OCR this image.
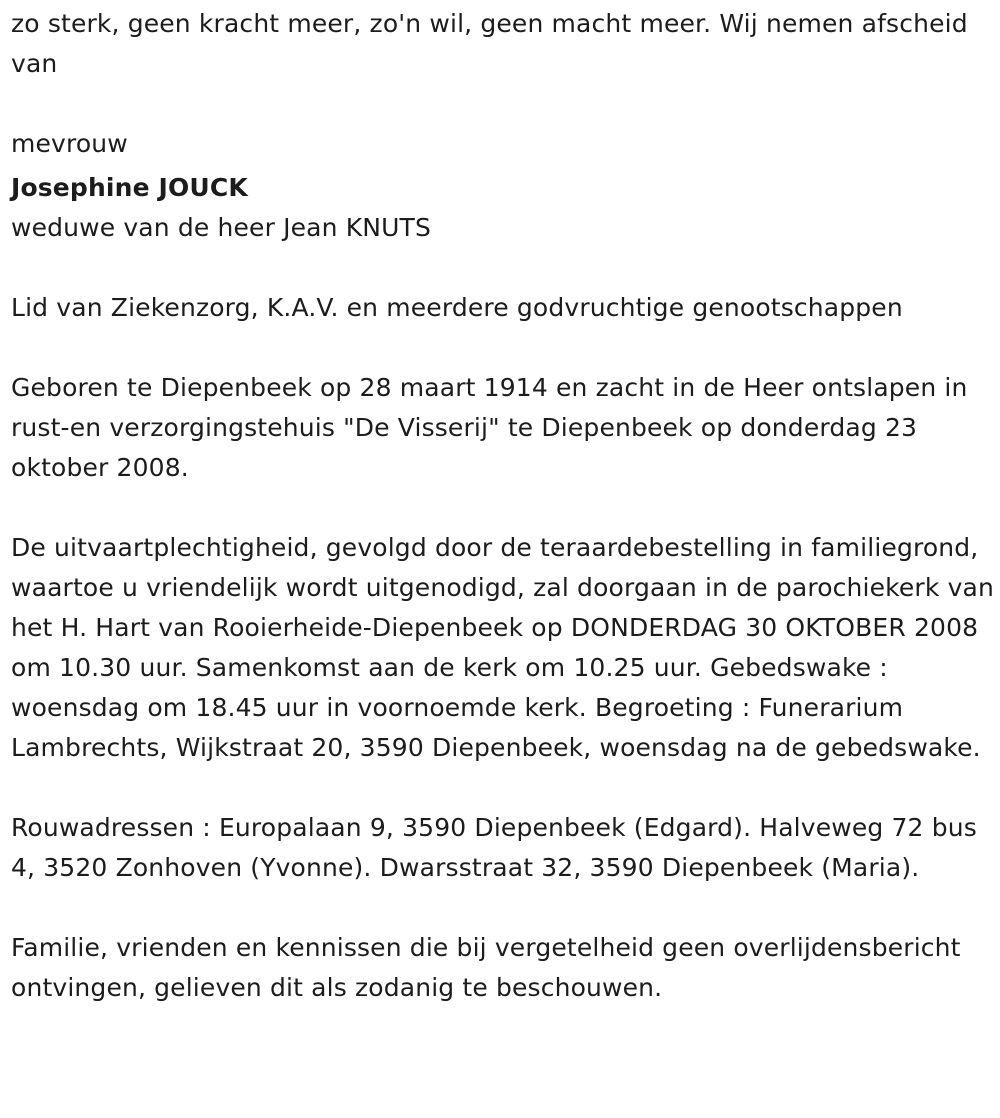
zo sterk, geen kracht meer, zo'n wil, geen macht meer. Wij nemen afscheid van

mevrouw

Josephine JOUCK

weduwe van de heer Jean KNUTS

Lid van Ziekenzorg, K.A.V. en meerdere godvruchtige genootschappen

Geboren te Diepenbeek op 28 maart 1914 en zacht in de Heer ontslapen in rust-en verzorgingstehuis "De Visserij" te Diepenbeek op donderdag 23 oktober 2008.

De uitvaartplechtigheid, gevolgd door de teraardebestelling in familiegrond, waartoe u vriendelijk wordt uitgenodigd, zal doorgaan in de parochiekerk van het H. Hart van Rooierheide-Diepenbeek op DONDERDAG 30 OKTOBER 2008 om 10.30 uur. Samenkomst aan de kerk om 10.25 uur. Gebedswake : woensdag om 18.45 uur in voornoemde kerk. Begroeting : Funerarium Lambrechts, Wijkstraat 20, 3590 Diepenbeek, woensdag na de gebedswake.

Rouwadressen : Europalaan 9, 3590 Diepenbeek (Edgard). Halveweg 72 bus 4, 3520 Zonhoven (Yvonne). Dwarsstraat 32, 3590 Diepenbeek (Maria).

Familie, vrienden en kennissen die bij vergetelheid geen overlijdensbericht ontvingen, gelieven dit als zodanig te beschouwen.
